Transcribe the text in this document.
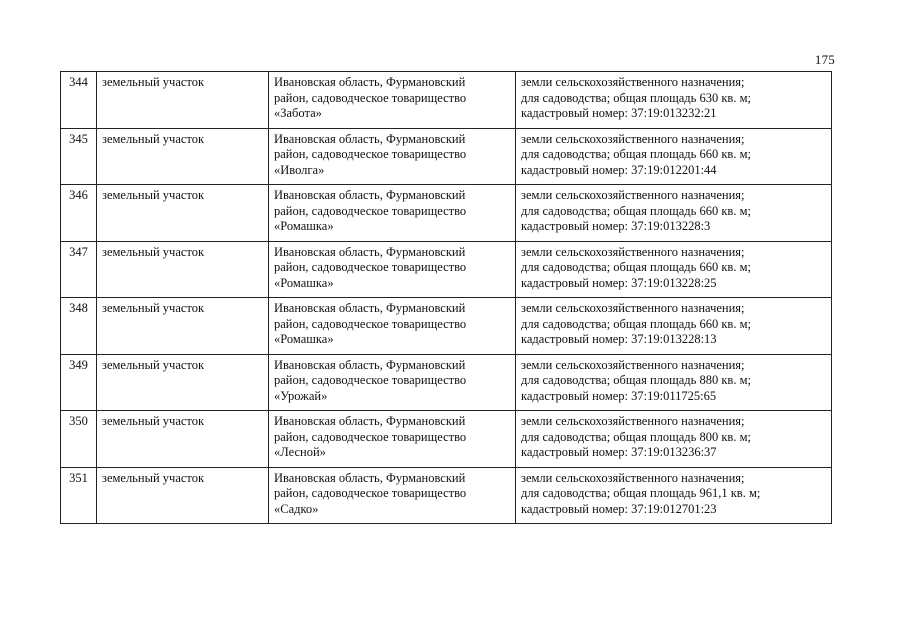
175
344	земельный участок	Ивановская область, Фурмановский
район, садоводческое товарищество
«Забота»	земли сельскохозяйственного назначения;
для садоводства; общая площадь 630 кв. м;
кадастровый номер: 37:19:013232:21

345	земельный участок	Ивановская область, Фурмановский
район, садоводческое товарищество
«Иволга»	земли сельскохозяйственного назначения;
для садоводства; общая площадь 660 кв. м;
кадастровый номер: 37:19:012201:44

346	земельный участок	Ивановская область, Фурмановский
район, садоводческое товарищество
«Ромашка»	земли сельскохозяйственного назначения;
для садоводства; общая площадь 660 кв. м;
кадастровый номер: 37:19:013228:3

347	земельный участок	Ивановская область, Фурмановский
район, садоводческое товарищество
«Ромашка»	земли сельскохозяйственного назначения;
для садоводства; общая площадь 660 кв. м;
кадастровый номер: 37:19:013228:25

348	земельный участок	Ивановская область, Фурмановский
район, садоводческое товарищество
«Ромашка»	земли сельскохозяйственного назначения;
для садоводства; общая площадь 660 кв. м;
кадастровый номер: 37:19:013228:13

349	земельный участок	Ивановская область, Фурмановский
район, садоводческое товарищество
«Урожай»	земли сельскохозяйственного назначения;
для садоводства; общая площадь 880 кв. м;
кадастровый номер: 37:19:011725:65

350	земельный участок	Ивановская область, Фурмановский
район, садоводческое товарищество
«Лесной»	земли сельскохозяйственного назначения;
для садоводства; общая площадь 800 кв. м;
кадастровый номер: 37:19:013236:37

351	земельный участок	Ивановская область, Фурмановский
район, садоводческое товарищество
«Садко»	земли сельскохозяйственного назначения;
для садоводства; общая площадь 961,1 кв. м;
кадастровый номер: 37:19:012701:23
